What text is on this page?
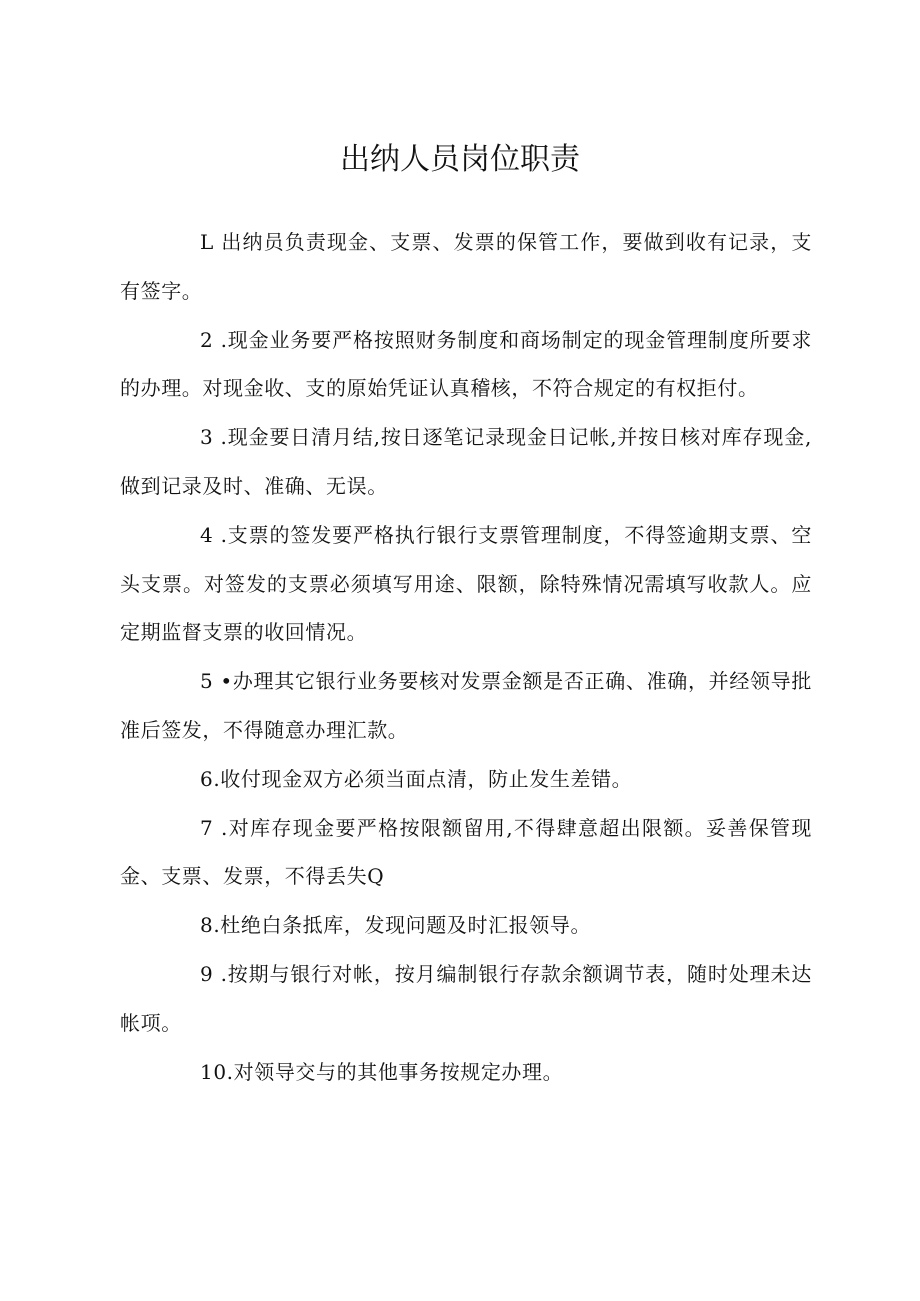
出纳人员岗位职责

L 出纳员负责现金、支票、发票的保管工作，要做到收有记录，支有签字。

2 .现金业务要严格按照财务制度和商场制定的现金管理制度所要求的办理。对现金收、支的原始凭证认真稽核，不符合规定的有权拒付。

3 .现金要日清月结,按日逐笔记录现金日记帐,并按日核对库存现金,做到记录及时、准确、无误。

4 .支票的签发要严格执行银行支票管理制度，不得签逾期支票、空头支票。对签发的支票必须填写用途、限额，除特殊情况需填写收款人。应定期监督支票的收回情况。

5 •办理其它银行业务要核对发票金额是否正确、准确，并经领导批准后签发，不得随意办理汇款。

6.收付现金双方必须当面点清，防止发生差错。

7 .对库存现金要严格按限额留用,不得肆意超出限额。妥善保管现金、支票、发票，不得丢失Q

8.杜绝白条抵库，发现问题及时汇报领导。

9 .按期与银行对帐，按月编制银行存款余额调节表，随时处理未达帐项。

10.对领导交与的其他事务按规定办理。
